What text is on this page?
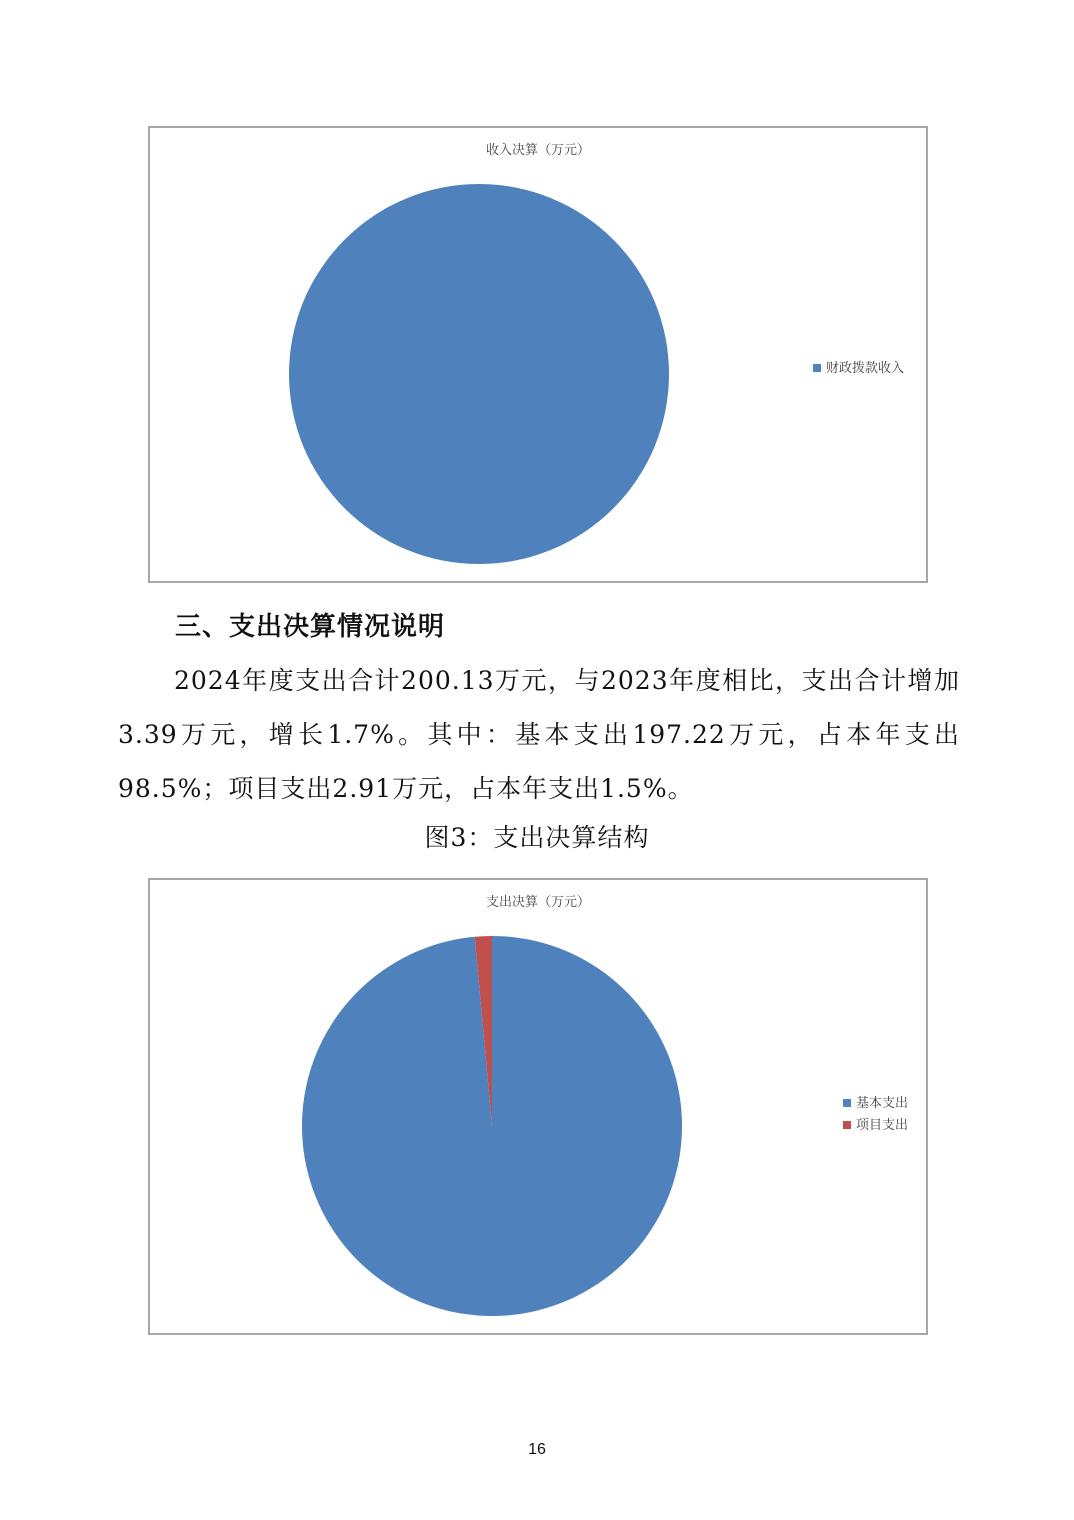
收入决算（万元）
财政拨款收入
三、支出决算情况说明
2024年度支出合计200.13万元，与2023年度相比，支出合计增加3.39万元，增长1.7%。其中：基本支出197.22万元，占本年支出98.5%；项目支出2.91万元，占本年支出1.5%。
图3：支出决算结构
支出决算（万元）
基本支出
项目支出
16
